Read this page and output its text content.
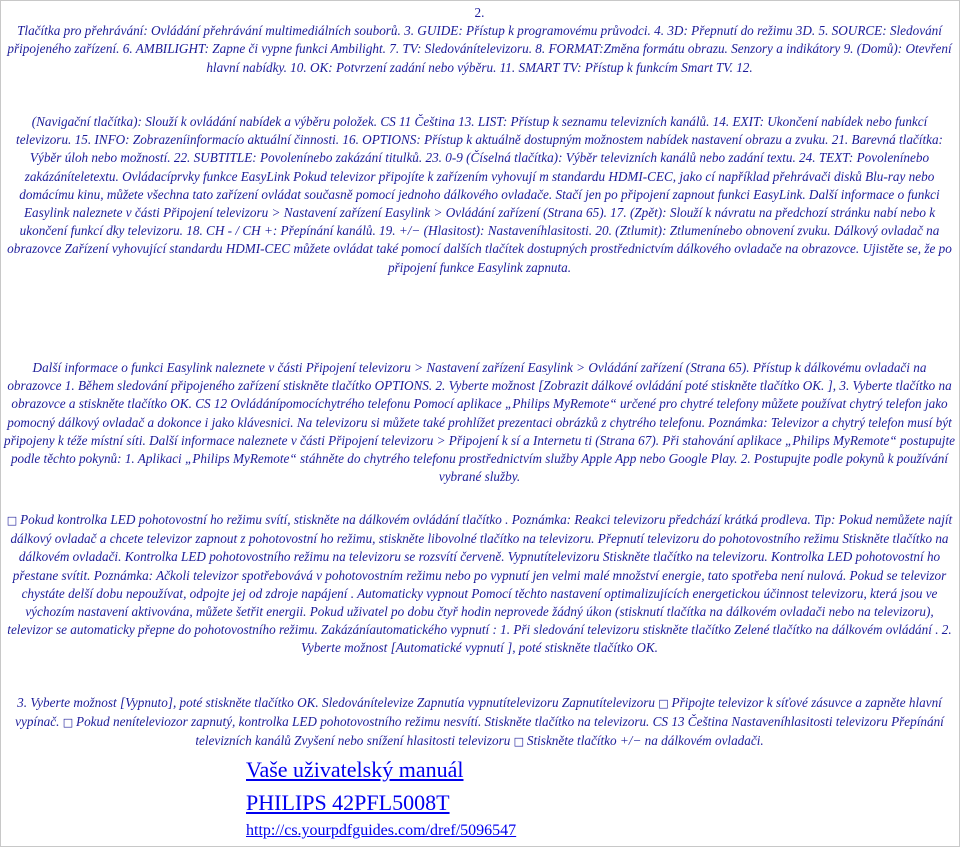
2.
Tlačítka pro přehrávání: Ovládání přehrávání multimediálních souborů. 3. GUIDE: Přístup k programovému průvodci. 4. 3D: Přepnutí do režimu 3D. 5. SOURCE: Sledování připojeného zařízení. 6. AMBILIGHT: Zapne či vypne funkci Ambilight. 7. TV: Sledovánítelevizoru. 8. FORMAT:Změna formátu obrazu. Senzory a indikátory 9. (Domů): Otevření hlavní nabídky. 10. OK: Potvrzení zadání nebo výběru. 11. SMART TV: Přístup k funkcím Smart TV. 12.

(Navigační tlačítka): Slouží k ovládání nabídek a výběru položek. CS 11 Čeština 13. LIST: Přístup k seznamu televizních kanálů. 14. EXIT: Ukončení nabídek nebo funkcí televizoru. 15. INFO: Zobrazeníinformacío aktuální činnosti. 16. OPTIONS: Přístup k aktuálně dostupným možnostem nabídek nastavení obrazu a zvuku. 21. Barevná tlačítka: Výběr úloh nebo možností. 22. SUBTITLE: Povolenínebo zakázání titulků. 23. 0-9 (Číselná tlačítka): Výběr televizních kanálů nebo zadání textu. 24. TEXT: Povolenínebo zakázáníteletextu. Ovládacíprvky funkce EasyLink Pokud televizor připojíte k zařízením vyhovují m standardu HDMI-CEC, jako cí například přehrávači disků Blu-ray nebo domácímu kinu, můžete všechna tato zařízení ovládat současně pomocí jednoho dálkového ovladače. Stačí jen po připojení zapnout funkci EasyLink. Další informace o funkci Easylink naleznete v části Připojení televizoru > Nastavení zařízení Easylink > Ovládání zařízení (Strana 65). 17. (Zpět): Slouží k návratu na předchozí stránku nabí nebo k ukončení funkcí dky televizoru. 18. CH - / CH +: Přepínání kanálů. 19. +/− (Hlasitost): Nastaveníhlasitosti. 20. (Ztlumit): Ztlumenínebo obnovení zvuku. Dálkový ovladač na obrazovce Zařízení vyhovující standardu HDMI-CEC můžete ovládat také pomocí dalších tlačítek dostupných prostřednictvím dálkového ovladače na obrazovce. Ujistěte se, že po připojení funkce Easylink zapnuta.

Další informace o funkci Easylink naleznete v části Připojení televizoru > Nastavení zařízení Easylink > Ovládání zařízení (Strana 65). Přístup k dálkovému ovladači na obrazovce 1. Během sledování připojeného zařízení stiskněte tlačítko OPTIONS. 2. Vyberte možnost [Zobrazit dálkové ovládání poté stiskněte tlačítko OK. ], 3. Vyberte tlačítko na obrazovce a stiskněte tlačítko OK. CS 12 Ovládánípomocíchytrého telefonu Pomocí aplikace „Philips MyRemote“ určené pro chytré telefony můžete používat chytrý telefon jako pomocný dálkový ovladač a dokonce i jako klávesnici. Na televizoru si můžete také prohlížet prezentaci obrázků z chytrého telefonu. Poznámka: Televizor a chytrý telefon musí být připojeny k téže místní síti. Další informace naleznete v části Připojení televizoru > Připojení k sí a Internetu ti (Strana 67). Při stahování aplikace „Philips MyRemote“ postupujte podle těchto pokynů: 1. Aplikaci „Philips MyRemote“ stáhněte do chytrého telefonu prostřednictvím služby Apple App nebo Google Play. 2. Postupujte podle pokynů k používání vybrané služby.

□ Pokud kontrolka LED pohotovostní ho režimu svítí, stiskněte na dálkovém ovládání tlačítko . Poznámka: Reakci televizoru předchází krátká prodleva. Tip: Pokud nemůžete najít dálkový ovladač a chcete televizor zapnout z pohotovostní ho režimu, stiskněte libovolné tlačítko na televizoru. Přepnutí televizoru do pohotovostního režimu Stiskněte tlačítko na dálkovém ovladači. Kontrolka LED pohotovostního režimu na televizoru se rozsvítí červeně. Vypnutítelevizoru Stiskněte tlačítko na televizoru. Kontrolka LED pohotovostní ho přestane svítit. Poznámka: Ačkoli televizor spotřebovává v pohotovostním režimu nebo po vypnutí jen velmi malé množství energie, tato spotřeba není nulová. Pokud se televizor chystáte delší dobu nepoužívat, odpojte jej od zdroje napájení . Automaticky vypnout Pomocí těchto nastavení optimalizujících energetickou účinnost televizoru, která jsou ve výchozím nastavení aktivována, můžete šetřit energii. Pokud uživatel po dobu čtyř hodin neprovede žádný úkon (stisknutí tlačítka na dálkovém ovladači nebo na televizoru), televizor se automaticky přepne do pohotovostního režimu. Zakázáníautomatického vypnutí : 1. Při sledování televizoru stiskněte tlačítko Zelené tlačítko na dálkovém ovládání . 2. Vyberte možnost [Automatické vypnutí ], poté stiskněte tlačítko OK.

3. Vyberte možnost [Vypnuto], poté stiskněte tlačítko OK. Sledovánítelevize Zapnutía vypnutítelevizoru Zapnutítelevizoru □ Připojte televizor k síťové zásuvce a zapněte hlavní vypínač. □ Pokud neníteleviozor zapnutý, kontrolka LED pohotovostního režimu nesvítí. Stiskněte tlačítko na televizoru. CS 13 Čeština Nastaveníhlasitosti televizoru Přepínání televizních kanálů Zvyšení nebo snížení hlasitosti televizoru □ Stiskněte tlačítko +/− na dálkovém ovladači.

Vaše uživatelský manuál
PHILIPS 42PFL5008T
http://cs.yourpdfguides.com/dref/5096547
